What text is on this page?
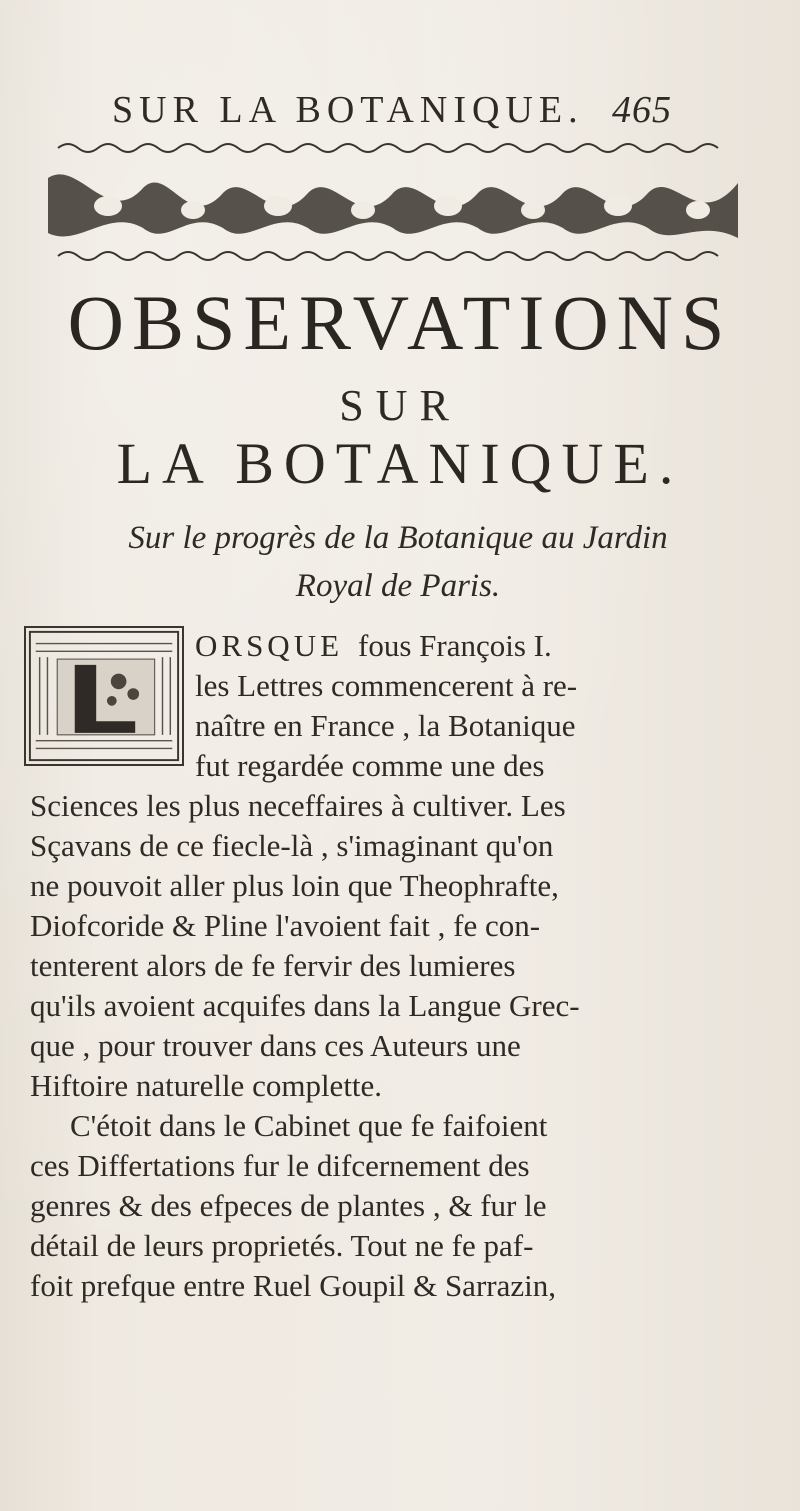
SUR LA BOTANIQUE. 465
OBSERVATIONS
SUR
LA BOTANIQUE.
Sur le progrès de la Botanique au Jardin
Royal de Paris.
ORSQUE fous François I.
les Lettres commencerent à re-
naître en France , la Botanique
fut regardée comme une des
Sciences les plus neceffaires à cultiver. Les
Sçavans de ce fiecle-là , s'imaginant qu'on
ne pouvoit aller plus loin que Theophrafte,
Diofcoride & Pline l'avoient fait , fe con-
tenterent alors de fe fervir des lumieres
qu'ils avoient acquifes dans la Langue Grec-
que , pour trouver dans ces Auteurs une
Hiftoire naturelle complette.
C'étoit dans le Cabinet que fe faifoient
ces Differtations fur le difcernement des
genres & des efpeces de plantes , & fur le
détail de leurs proprietés. Tout ne fe paf-
foit prefque entre Ruel Goupil & Sarrazin,
